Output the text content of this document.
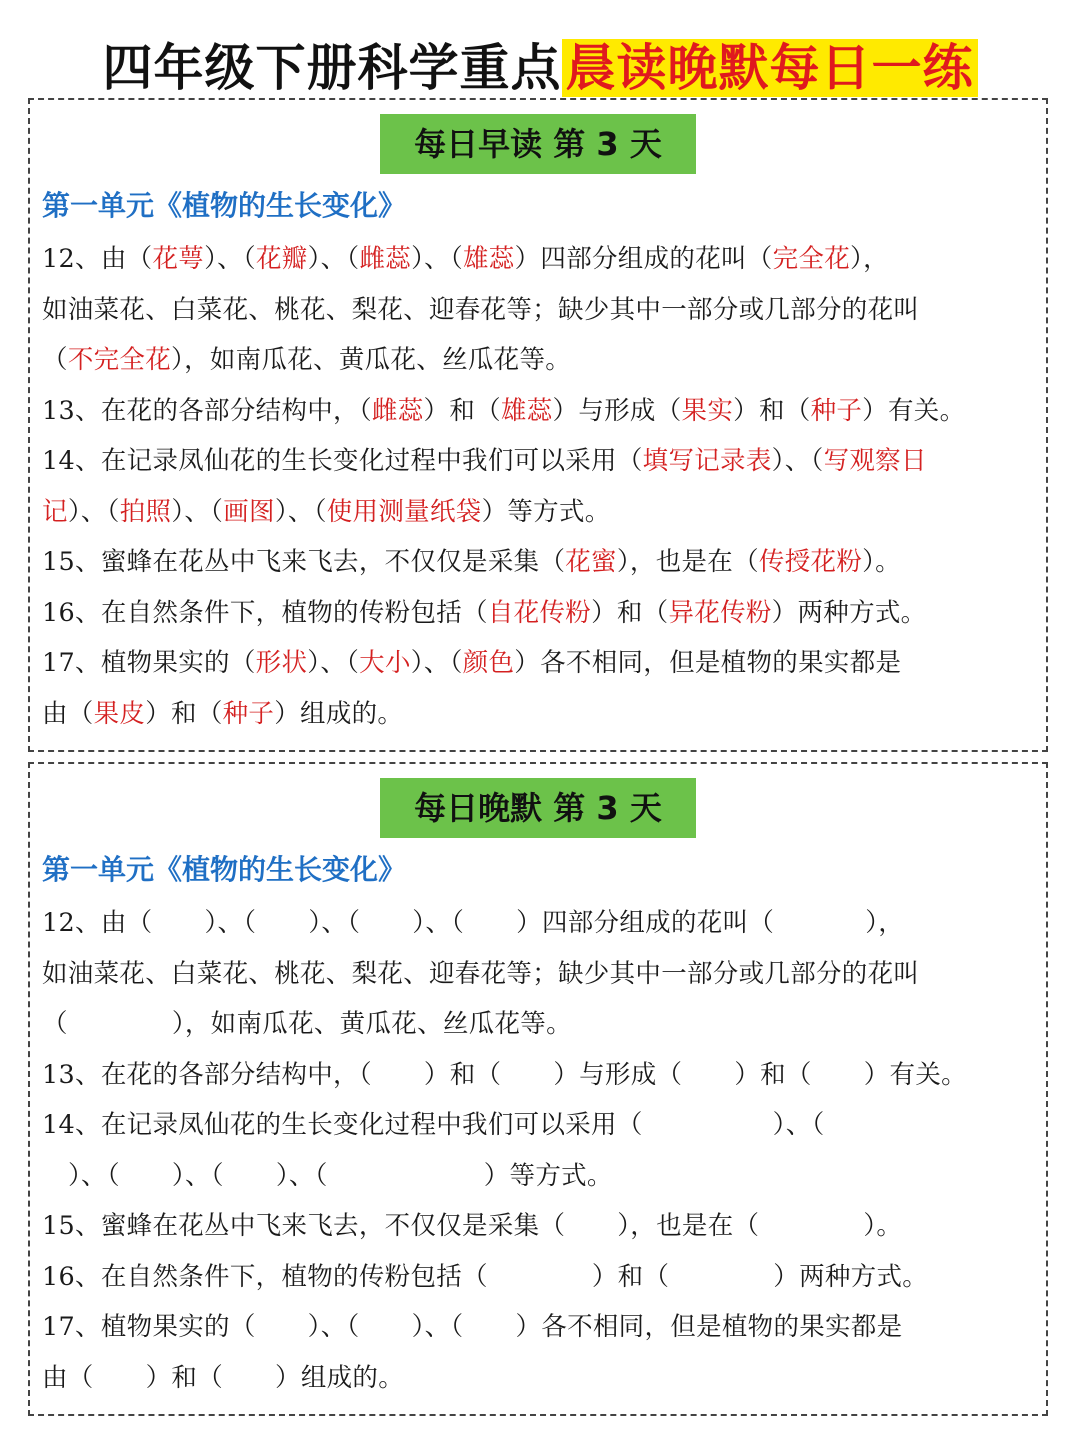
四年级下册科学重点晨读晚默每日一练
每日早读 第 3 天
第一单元《植物的生长变化》
12、由（花萼）、（花瓣）、（雌蕊）、（雄蕊）四部分组成的花叫（完全花），
如油菜花、白菜花、桃花、梨花、迎春花等；缺少其中一部分或几部分的花叫
（不完全花），如南瓜花、黄瓜花、丝瓜花等。
13、在花的各部分结构中，（雌蕊）和（雄蕊）与形成（果实）和（种子）有关。
14、在记录凤仙花的生长变化过程中我们可以采用（填写记录表）、（写观察日
记）、（拍照）、（画图）、（使用测量纸袋）等方式。
15、蜜蜂在花丛中飞来飞去，不仅仅是采集（花蜜），也是在（传授花粉）。
16、在自然条件下，植物的传粉包括（自花传粉）和（异花传粉）两种方式。
17、植物果实的（形状）、（大小）、（颜色）各不相同，但是植物的果实都是
由（果皮）和（种子）组成的。
每日晚默 第 3 天
第一单元《植物的生长变化》
12、由（ ）、（ ）、（ ）、（ ）四部分组成的花叫（	），
如油菜花、白菜花、桃花、梨花、迎春花等；缺少其中一部分或几部分的花叫
（	），如南瓜花、黄瓜花、丝瓜花等。
13、在花的各部分结构中，（ ）和（ ）与形成（ ）和（ ）有关。
14、在记录凤仙花的生长变化过程中我们可以采用（	）、（
）、（ ）、（ ）、（	）等方式。
15、蜜蜂在花丛中飞来飞去，不仅仅是采集（ ），也是在（	）。
16、在自然条件下，植物的传粉包括（	）和（	）两种方式。
17、植物果实的（ ）、（ ）、（ ）各不相同，但是植物的果实都是
由（ ）和（ ）组成的。
